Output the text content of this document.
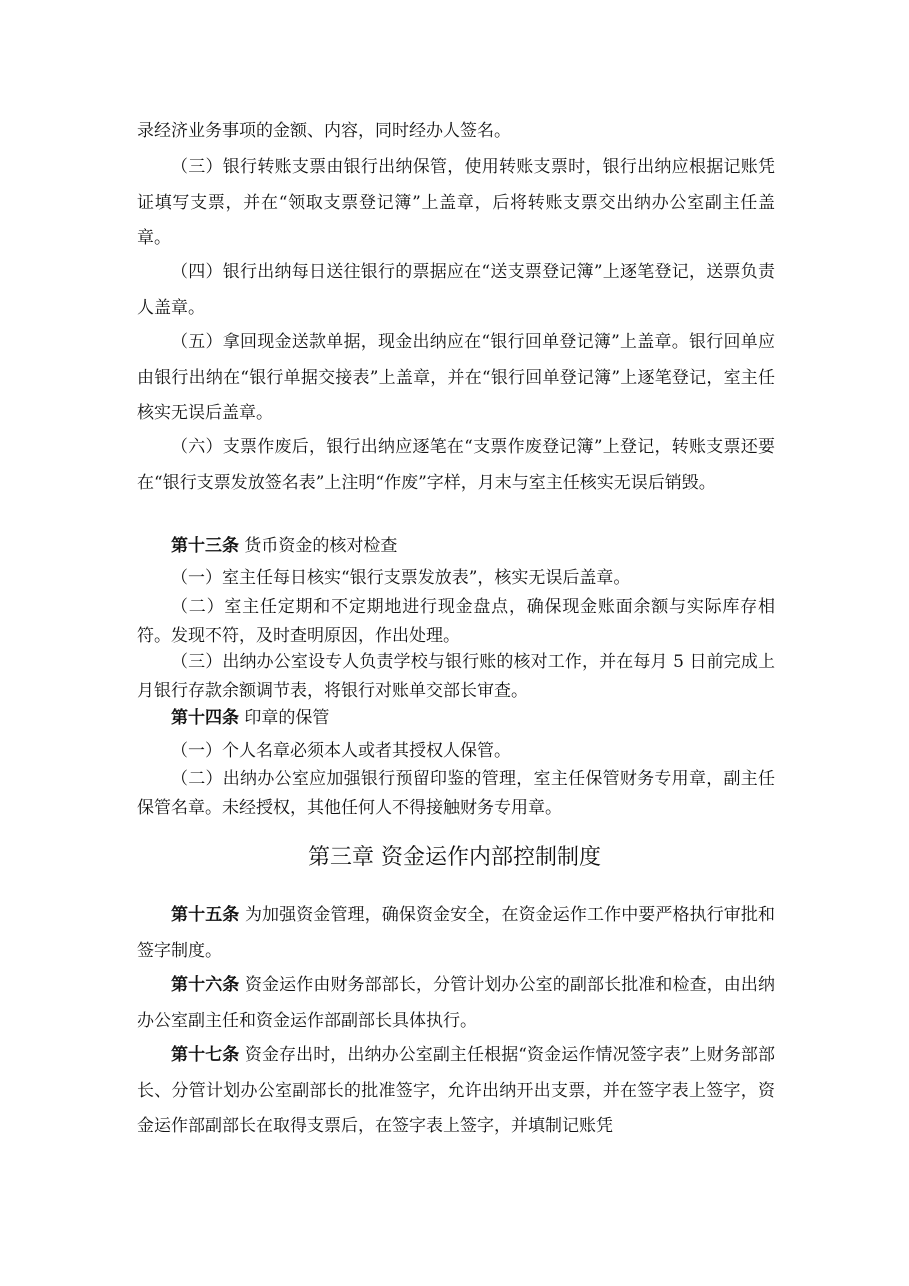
录经济业务事项的金额、内容，同时经办人签名。

（三）银行转账支票由银行出纳保管，使用转账支票时，银行出纳应根据记账凭证填写支票，并在“领取支票登记簿”上盖章，后将转账支票交出纳办公室副主任盖章。

（四）银行出纳每日送往银行的票据应在“送支票登记簿”上逐笔登记，送票负责人盖章。

（五）拿回现金送款单据，现金出纳应在“银行回单登记簿”上盖章。银行回单应由银行出纳在“银行单据交接表”上盖章，并在“银行回单登记簿”上逐笔登记，室主任核实无误后盖章。

（六）支票作废后，银行出纳应逐笔在“支票作废登记簿”上登记，转账支票还要在“银行支票发放签名表”上注明“作废”字样，月末与室主任核实无误后销毁。

第十三条 货币资金的核对检查

（一）室主任每日核实“银行支票发放表”，核实无误后盖章。

（二）室主任定期和不定期地进行现金盘点，确保现金账面余额与实际库存相符。发现不符，及时查明原因，作出处理。

（三）出纳办公室设专人负责学校与银行账的核对工作，并在每月 5 日前完成上月银行存款余额调节表，将银行对账单交部长审查。

第十四条 印章的保管

（一）个人名章必须本人或者其授权人保管。

（二）出纳办公室应加强银行预留印鉴的管理，室主任保管财务专用章，副主任保管名章。未经授权，其他任何人不得接触财务专用章。

第三章 资金运作内部控制制度

第十五条 为加强资金管理，确保资金安全，在资金运作工作中要严格执行审批和签字制度。

第十六条 资金运作由财务部部长，分管计划办公室的副部长批准和检查，由出纳办公室副主任和资金运作部副部长具体执行。

第十七条 资金存出时，出纳办公室副主任根据“资金运作情况签字表”上财务部部长、分管计划办公室副部长的批准签字，允许出纳开出支票，并在签字表上签字，资金运作部副部长在取得支票后，在签字表上签字，并填制记账凭
